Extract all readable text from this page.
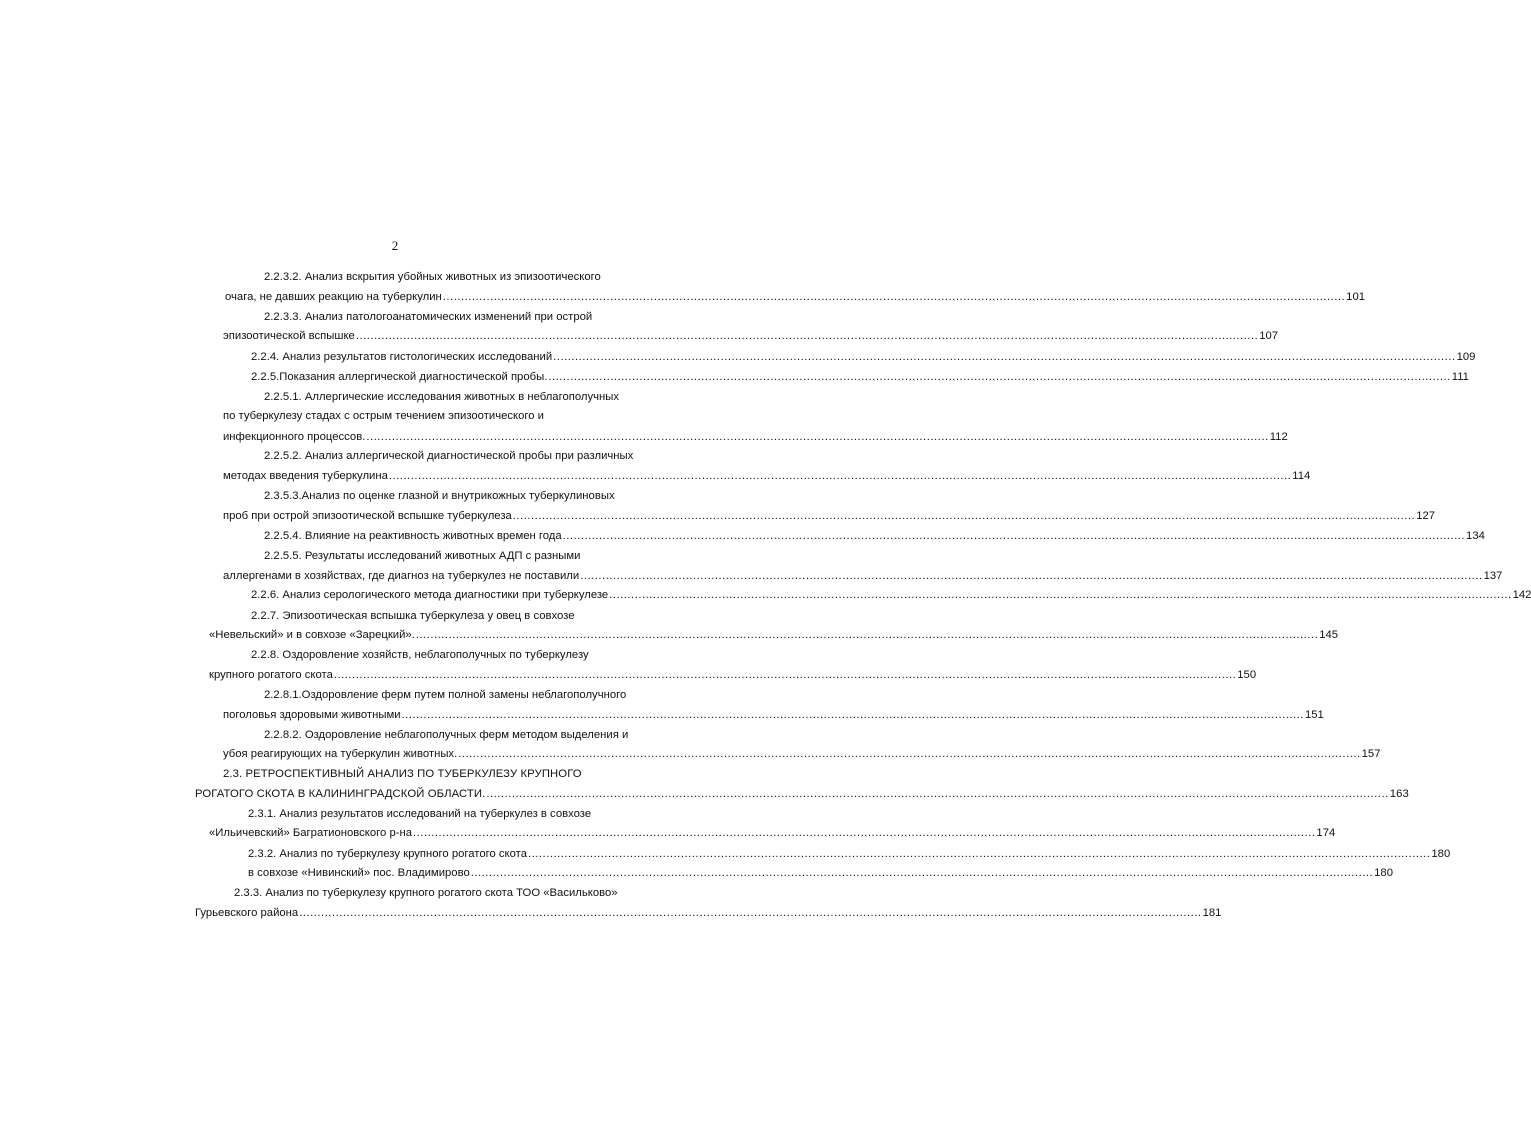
2
2.2.3.2. Анализ вскрытия убойных животных из эпизоотического
очага, не давших реакцию на туберкулин .....	101
2.2.3.3. Анализ патологоанатомических изменений при острой
эпизоотической вспышке .....	107
2.2.4. Анализ результатов гистологических исследований .....	109
2.2.5.Показания аллергической диагностической пробы. .....	111
2.2.5.1. Аллергические исследования животных в неблагополучных
по туберкулезу стадах с острым течением эпизоотического и
инфекционного процессов. .....	112
2.2.5.2. Анализ аллергической диагностической пробы при различных
методах введения туберкулина .....	114
2.3.5.3.Анализ по оценке глазной и внутрикожных туберкулиновых
проб при острой эпизоотической вспышке туберкулеза .....	127
2.2.5.4. Влияние на реактивность животных времен года .....	134
2.2.5.5. Результаты исследований животных АДП с разными
аллергенами в хозяйствах, где диагноз на туберкулез не поставили .....	137
2.2.6. Анализ серологического метода диагностики при туберкулезе .....	142
2.2.7. Эпизоотическая вспышка туберкулеза у овец в совхозе
«Невельский» и в совхозе «Зарецкий». .....	145
2.2.8. Оздоровление хозяйств, неблагополучных по туберкулезу
крупного рогатого скота .....	150
2.2.8.1.Оздоровление ферм путем полной замены неблагополучного
поголовья здоровыми животными .....	151
2.2.8.2. Оздоровление неблагополучных ферм методом выделения и
убоя реагирующих на туберкулин животных. .....	157
2.3. РЕТРОСПЕКТИВНЫЙ АНАЛИЗ ПО ТУБЕРКУЛЕЗУ КРУПНОГО
РОГАТОГО СКОТА В КАЛИНИНГРАДСКОЙ ОБЛАСТИ. .....	163
2.3.1. Анализ результатов исследований на туберкулез в совхозе
«Ильичевский» Багратионовского р-на .....	174
2.3.2. Анализ по туберкулезу крупного рогатого скота .....	180
в совхозе «Нивинский» пос. Владимирово .....	180
2.3.3. Анализ по туберкулезу крупного рогатого скота ТОО «Васильково»
Гурьевского района .....	181
